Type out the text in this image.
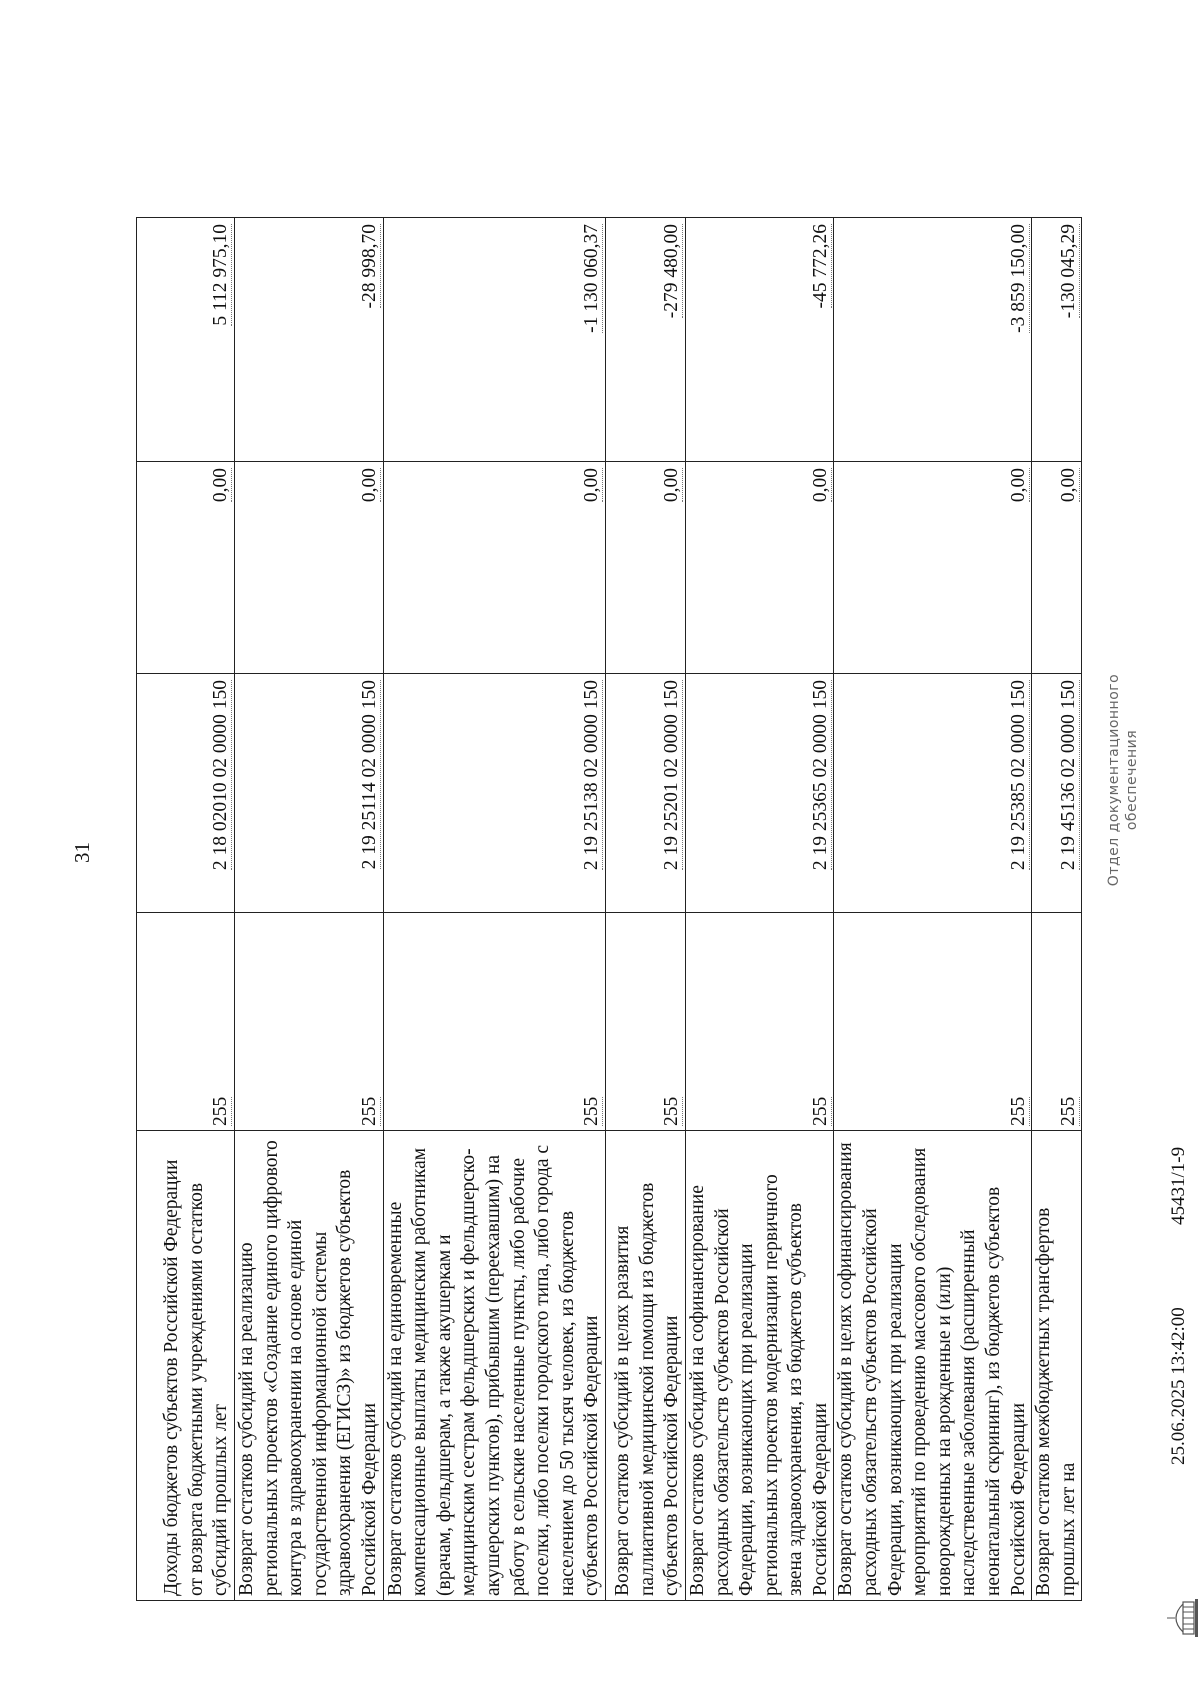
31
Доходы бюджетов субъектов Российской Федерации от возврата бюджетными учреждениями остатков субсидий прошлых лет	255	2 18 02010 02 0000 150	0,00	5 112 975,10
Возврат остатков субсидий на реализацию региональных проектов «Создание единого цифрового контура в здравоохранении на основе единой государственной информационной системы здравоохранения (ЕГИСЗ)» из бюджетов субъектов Российской Федерации	255	2 19 25114 02 0000 150	0,00	-28 998,70
Возврат остатков субсидий на единовременные компенсационные выплаты медицинским работникам (врачам, фельдшерам, а также акушеркам и медицинским сестрам фельдшерских и фельдшерско-акушерских пунктов), прибывшим (переехавшим) на работу в сельские населенные пункты, либо рабочие поселки, либо поселки городского типа, либо города с населением до 50 тысяч человек, из бюджетов субъектов Российской Федерации	255	2 19 25138 02 0000 150	0,00	-1 130 060,37
Возврат остатков субсидий в целях развития паллиативной медицинской помощи из бюджетов субъектов Российской Федерации	255	2 19 25201 02 0000 150	0,00	-279 480,00
Возврат остатков субсидий на софинансирование расходных обязательств субъектов Российской Федерации, возникающих при реализации региональных проектов модернизации первичного звена здравоохранения, из бюджетов субъектов Российской Федерации	255	2 19 25365 02 0000 150	0,00	-45 772,26
Возврат остатков субсидий в целях софинансирования расходных обязательств субъектов Российской Федерации, возникающих при реализации мероприятий по проведению массового обследования новорожденных на врожденные и (или) наследственные заболевания (расширенный неонатальный скрининг), из бюджетов субъектов Российской Федерации	255	2 19 25385 02 0000 150	0,00	-3 859 150,00
Возврат остатков межбюджетных трансфертов прошлых лет на	255	2 19 45136 02 0000 150	0,00	-130 045,29
25.06.2025 13:42:00
45431/1-9
Отдел документационного обеспечения
